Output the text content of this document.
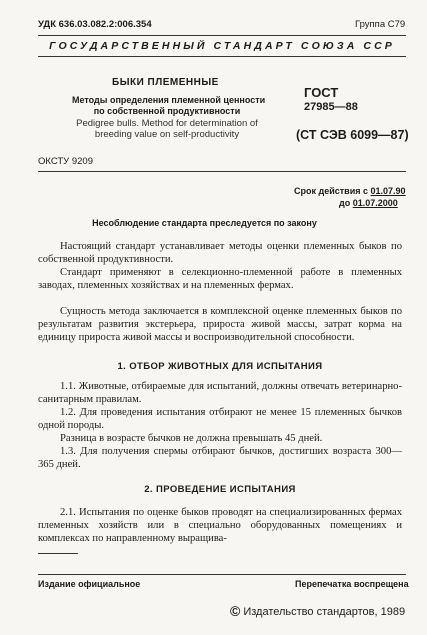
УДК 636.03.082.2:006.354	Группа С79
ГОСУДАРСТВЕННЫЙ СТАНДАРТ СОЮЗА ССР
БЫКИ ПЛЕМЕННЫЕ
Методы определения племенной ценности
по собственной продуктивности
Pedigree bulls. Method for determination of
breeding value on self-productivity
ГОСТ
27985—88
(СТ СЭВ 6099—87)
ОКСТУ 9209
Срок действия с 01.07.90
до 01.07.2000
Несоблюдение стандарта преследуется по закону
Настоящий стандарт устанавливает методы оценки племенных быков по собственной продуктивности.
Стандарт применяют в селекционно-племенной работе в племенных заводах, племенных хозяйствах и на племенных фермах.
Сущность метода заключается в комплексной оценке племенных быков по результатам развития экстерьера, прироста живой массы, затрат корма на единицу прироста живой массы и воспроизводительной способности.
1. ОТБОР ЖИВОТНЫХ ДЛЯ ИСПЫТАНИЯ
1.1. Животные, отбираемые для испытаний, должны отвечать ветеринарно-санитарным правилам.
1.2. Для проведения испытания отбирают не менее 15 племенных бычков одной породы.
Разница в возрасте бычков не должна превышать 45 дней.
1.3. Для получения спермы отбирают бычков, достигших возраста 300—365 дней.
2. ПРОВЕДЕНИЕ ИСПЫТАНИЯ
2.1. Испытания по оценке быков проводят на специализированных фермах племенных хозяйств или в специально оборудованных помещениях и комплексах по направленному выращива-
Издание официальное	Перепечатка воспрещена
© Издательство стандартов, 1989
